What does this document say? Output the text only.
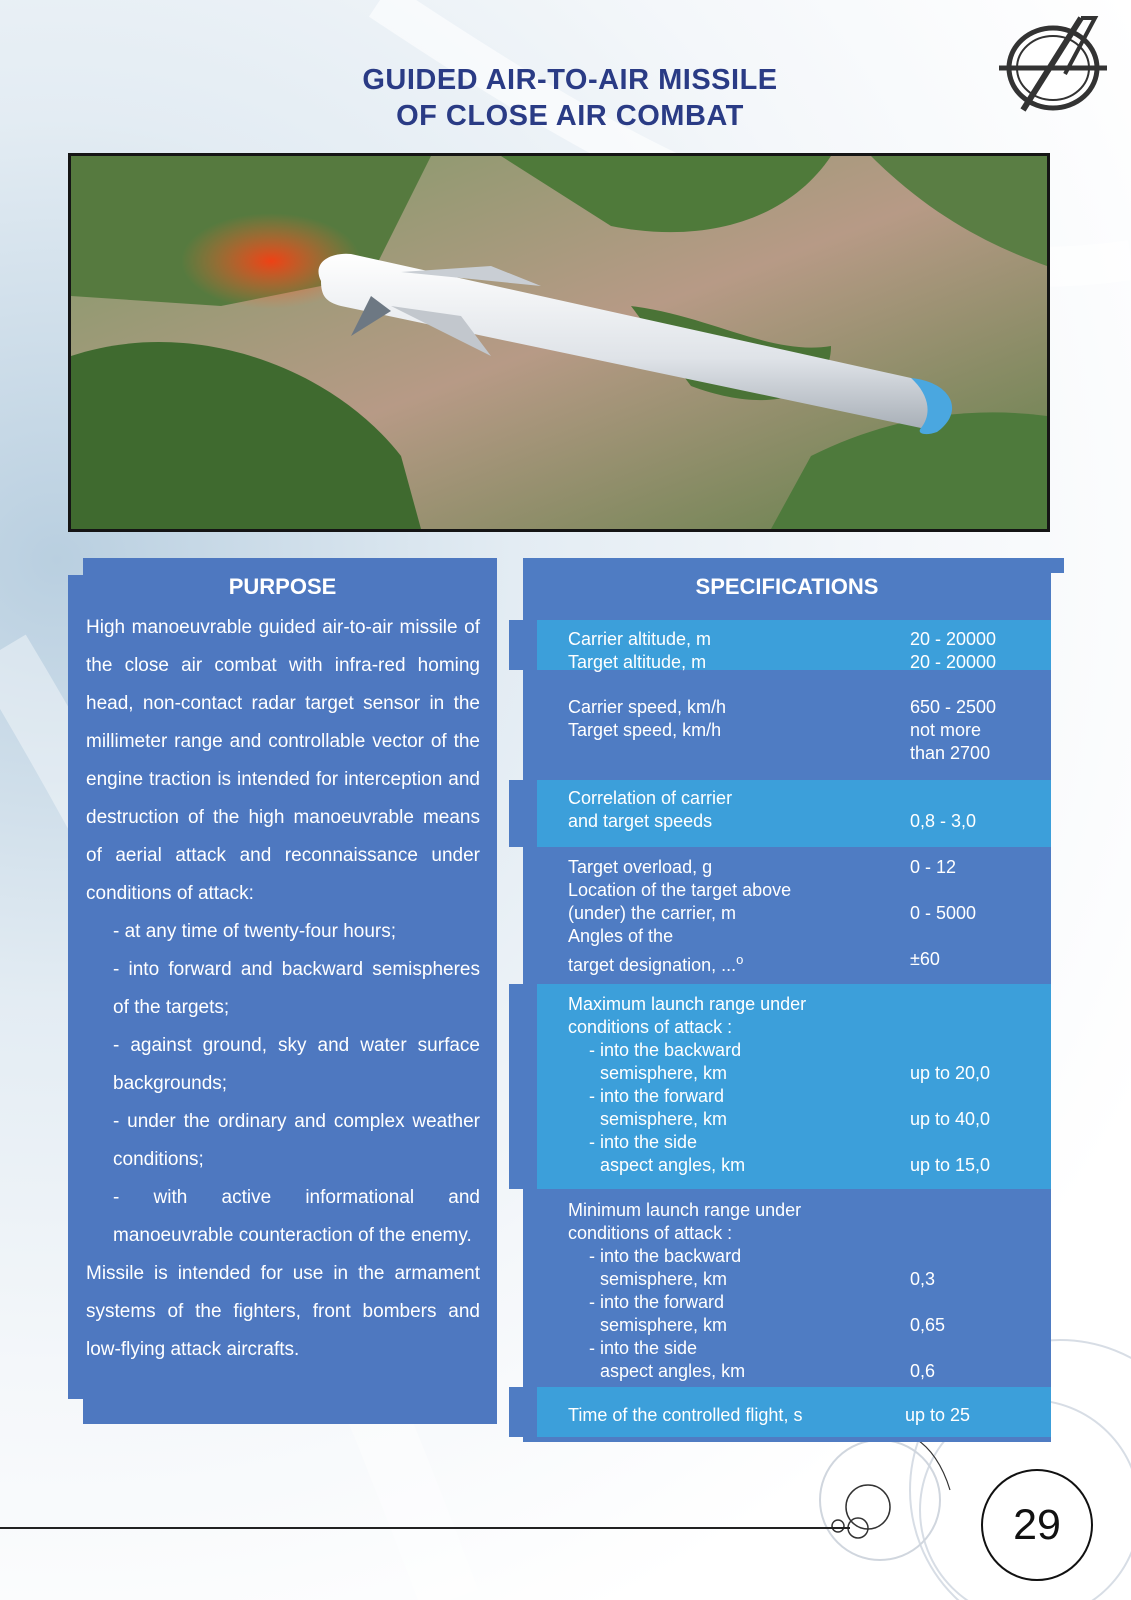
GUIDED AIR-TO-AIR MISSILE
OF CLOSE AIR COMBAT
PURPOSE

High manoeuvrable guided air-to-air missile of the close air combat with infra-red homing head, non-contact radar target sensor in the millimeter range and controllable vector of the engine traction is intended for interception and destruction of the high manoeuvrable means of aerial attack and reconnaissance under conditions of attack:

- at any time of twenty-four hours;

- into forward and backward semispheres of the targets;

- against ground, sky and water surface backgrounds;

- under the ordinary and complex weather conditions;

- with active informational and manoeuvrable counteraction of the enemy.

Missile is intended for use in the armament systems of the fighters, front bombers and low-flying attack aircrafts.

SPECIFICATIONS
Carrier altitude, m
Target altitude, m
20 - 20000
20 - 20000
Carrier speed, km/h
Target speed, km/h
650 - 2500
not more
than 2700
Correlation of carrier
and target speeds	0,8 - 3,0
Target overload, g
Location of the target above
(under) the carrier, m
Angles of the
target designation, ...$^o$
0 - 12
0 - 5000
±60
Maximum launch range under
conditions of attack :
- into the backward
semisphere, km
- into the forward
semisphere, km
- into the side
aspect angles, km
up to 20,0
up to 40,0
up to 15,0
Minimum launch range under
conditions of attack :
- into the backward
semisphere, km
- into the forward
semisphere, km
- into the side
aspect angles, km
0,3
0,65
0,6
Time of the controlled flight, s	up to 25
29
